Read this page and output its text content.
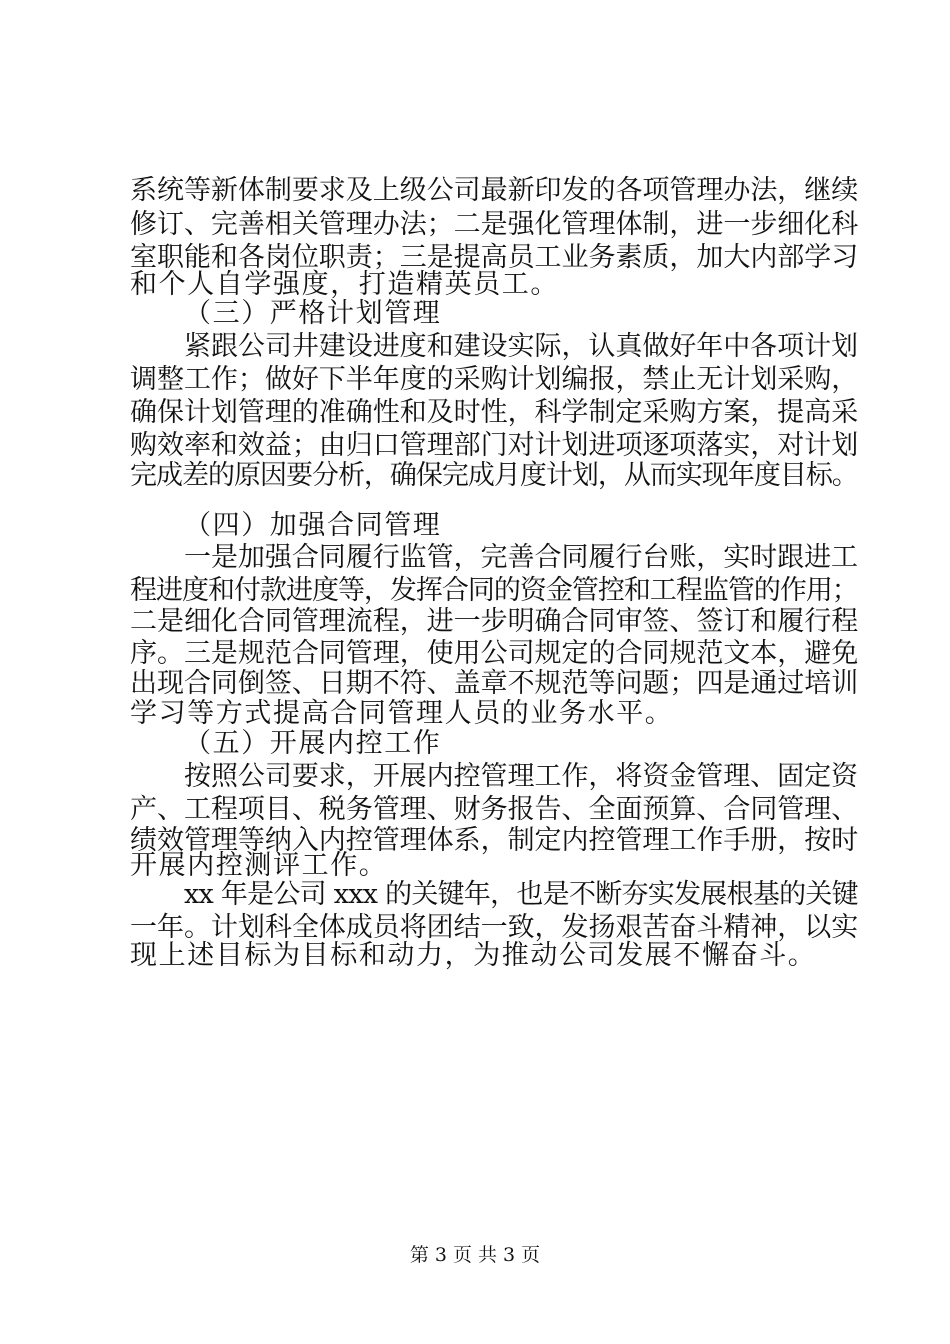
系统等新体制要求及上级公司最新印发的各项管理办法，继续
修订、完善相关管理办法；二是强化管理体制，进一步细化科
室职能和各岗位职责；三是提高员工业务素质，加大内部学习
和个人自学强度，打造精英员工。
（三）严格计划管理
紧跟公司井建设进度和建设实际，认真做好年中各项计划
调整工作；做好下半年度的采购计划编报，禁止无计划采购，
确保计划管理的准确性和及时性，科学制定采购方案，提高采
购效率和效益；由归口管理部门对计划进项逐项落实，对计划
完成差的原因要分析，确保完成月度计划，从而实现年度目标。
（四）加强合同管理
一是加强合同履行监管，完善合同履行台账，实时跟进工
程进度和付款进度等，发挥合同的资金管控和工程监管的作用；
二是细化合同管理流程，进一步明确合同审签、签订和履行程
序。三是规范合同管理，使用公司规定的合同规范文本，避免
出现合同倒签、日期不符、盖章不规范等问题；四是通过培训
学习等方式提高合同管理人员的业务水平。
（五）开展内控工作
按照公司要求，开展内控管理工作，将资金管理、固定资
产、工程项目、税务管理、财务报告、全面预算、合同管理、
绩效管理等纳入内控管理体系，制定内控管理工作手册，按时
开展内控测评工作。
xx 年是公司 xxx 的关键年，也是不断夯实发展根基的关键
一年。计划科全体成员将团结一致，发扬艰苦奋斗精神，以实
现上述目标为目标和动力，为推动公司发展不懈奋斗。
第 3 页 共 3 页
